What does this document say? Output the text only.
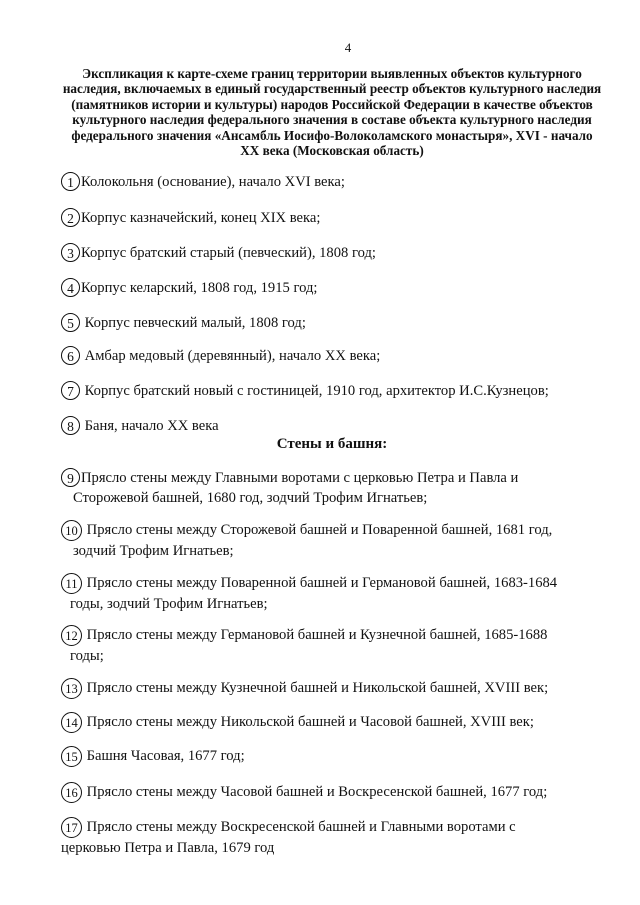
4
Экспликация к карте-схеме границ территории выявленных объектов культурного
наследия, включаемых в единый государственный реестр объектов культурного наследия
(памятников истории и культуры) народов Российской Федерации в качестве объектов
культурного наследия федерального значения в составе объекта культурного наследия
федерального значения «Ансамбль Иосифо-Волоколамского монастыря», XVI - начало
XX века (Московская область)
1 Колокольня (основание), начало XVI века;
2 Корпус казначейский, конец XIX века;
3 Корпус братский старый (певческий), 1808 год;
4 Корпус келарский, 1808 год, 1915 год;
5 Корпус певческий малый, 1808 год;
6 Амбар медовый (деревянный), начало XX века;
7 Корпус братский новый с гостиницей, 1910 год, архитектор И.С.Кузнецов;
8 Баня, начало XX века
Стены и башня:
9 Прясло стены между Главными воротами с церковью Петра и Павла и
Сторожевой башней, 1680 год, зодчий Трофим Игнатьев;
10 Прясло стены между Сторожевой башней и Поваренной башней, 1681 год,
зодчий Трофим Игнатьев;
11 Прясло стены между Поваренной башней и Германовой башней, 1683-1684
годы, зодчий Трофим Игнатьев;
12 Прясло стены между Германовой башней и Кузнечной башней, 1685-1688
годы;
13 Прясло стены между Кузнечной башней и Никольской башней, XVIII век;
14 Прясло стены между Никольской башней и Часовой башней, XVIII век;
15 Башня Часовая, 1677 год;
16 Прясло стены между Часовой башней и Воскресенской башней, 1677 год;
17 Прясло стены между Воскресенской башней и Главными воротами с
церковью Петра и Павла, 1679 год
